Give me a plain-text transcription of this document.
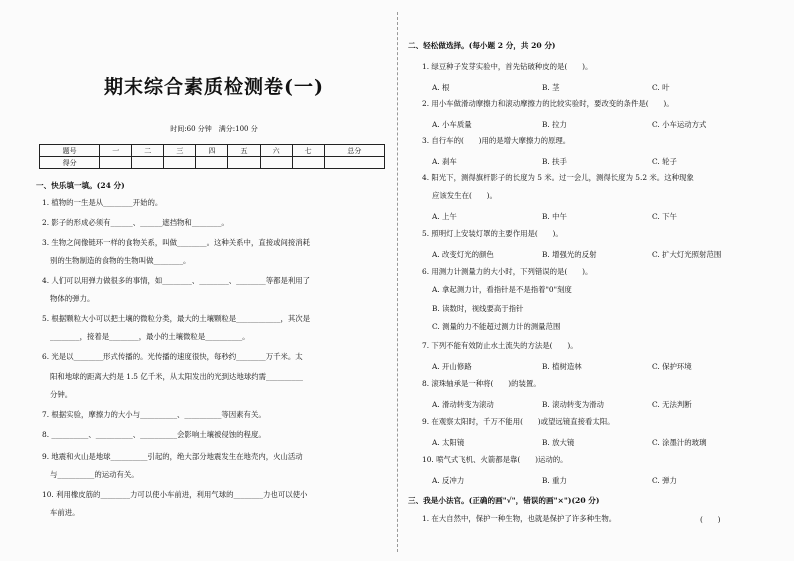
期末综合素质检测卷(一)
时间:60 分钟　满分:100 分
题号	一	二	三	四	五	六	七	总分
得分								
一、快乐填一填。(24 分)
1. 植物的一生是从________开始的。
2. 影子的形成必须有______、______遮挡物和________。
3. 生物之间像链环一样的食物关系，叫做________。这种关系中，直接或间接消耗
别的生物制造的食物的生物叫做________。
4. 人们可以用弹力做很多的事情，如________、________、________等都是利用了
物体的弹力。
5. 根据颗粒大小可以把土壤的微粒分类，最大的土壤颗粒是____________，其次是
________，接着是________，最小的土壤微粒是__________。
6. 光是以________形式传播的。光传播的速度很快，每秒约________万千米。太
阳和地球的距离大约是 1.5 亿千米，从太阳发出的光到达地球约需__________
分钟。
7. 根据实验，摩擦力的大小与__________、__________等因素有关。
8. __________、__________、__________会影响土壤被侵蚀的程度。
9. 地震和火山是地球__________引起的，绝大部分地震发生在地壳内，火山活动
与__________的运动有关。
10. 利用橡皮筋的________力可以使小车前进，利用气球的________力也可以使小
车前进。
二、轻松做选择。(每小题 2 分，共 20 分)
1. 绿豆种子发芽实验中，首先钻破种皮的是(　　)。
A. 根	B. 茎	C. 叶
2. 用小车做滑动摩擦力和滚动摩擦力的比较实验时，要改变的条件是(　　)。
A. 小车质量	B. 拉力	C. 小车运动方式
3. 自行车的(　　)用的是增大摩擦力的原理。
A. 刹车	B. 扶手	C. 轮子
4. 阳光下，测得旗杆影子的长度为 5 米。过一会儿，测得长度为 5.2 米。这种现象
应该发生在(　　)。
A. 上午	B. 中午	C. 下午
5. 照明灯上安装灯罩的主要作用是(　　)。
A. 改变灯光的颜色	B. 增强光的反射	C. 扩大灯光照射范围
6. 用测力计测量力的大小时，下列错误的是(　　)。
A. 拿起测力计，看指针是不是指着"0"刻度
B. 读数时，视线要高于指针
C. 测量的力不能超过测力计的测量范围
7. 下列不能有效防止水土流失的方法是(　　)。
A. 开山修路	B. 植树造林	C. 保护环境
8. 滚珠轴承是一种将(　　)的装置。
A. 滑动转变为滚动	B. 滚动转变为滑动	C. 无法判断
9. 在观察太阳时，千万不能用(　　)或望远镜直接看太阳。
A. 太阳镜	B. 放大镜	C. 涂墨汁的玻璃
10. 喷气式飞机、火箭都是靠(　　)运动的。
A. 反冲力	B. 重力	C. 弹力
三、我是小法官。(正确的画"√"，错误的画"×")(20 分)
1. 在大自然中，保护一种生物，也就是保护了许多种生物。	(　　)
